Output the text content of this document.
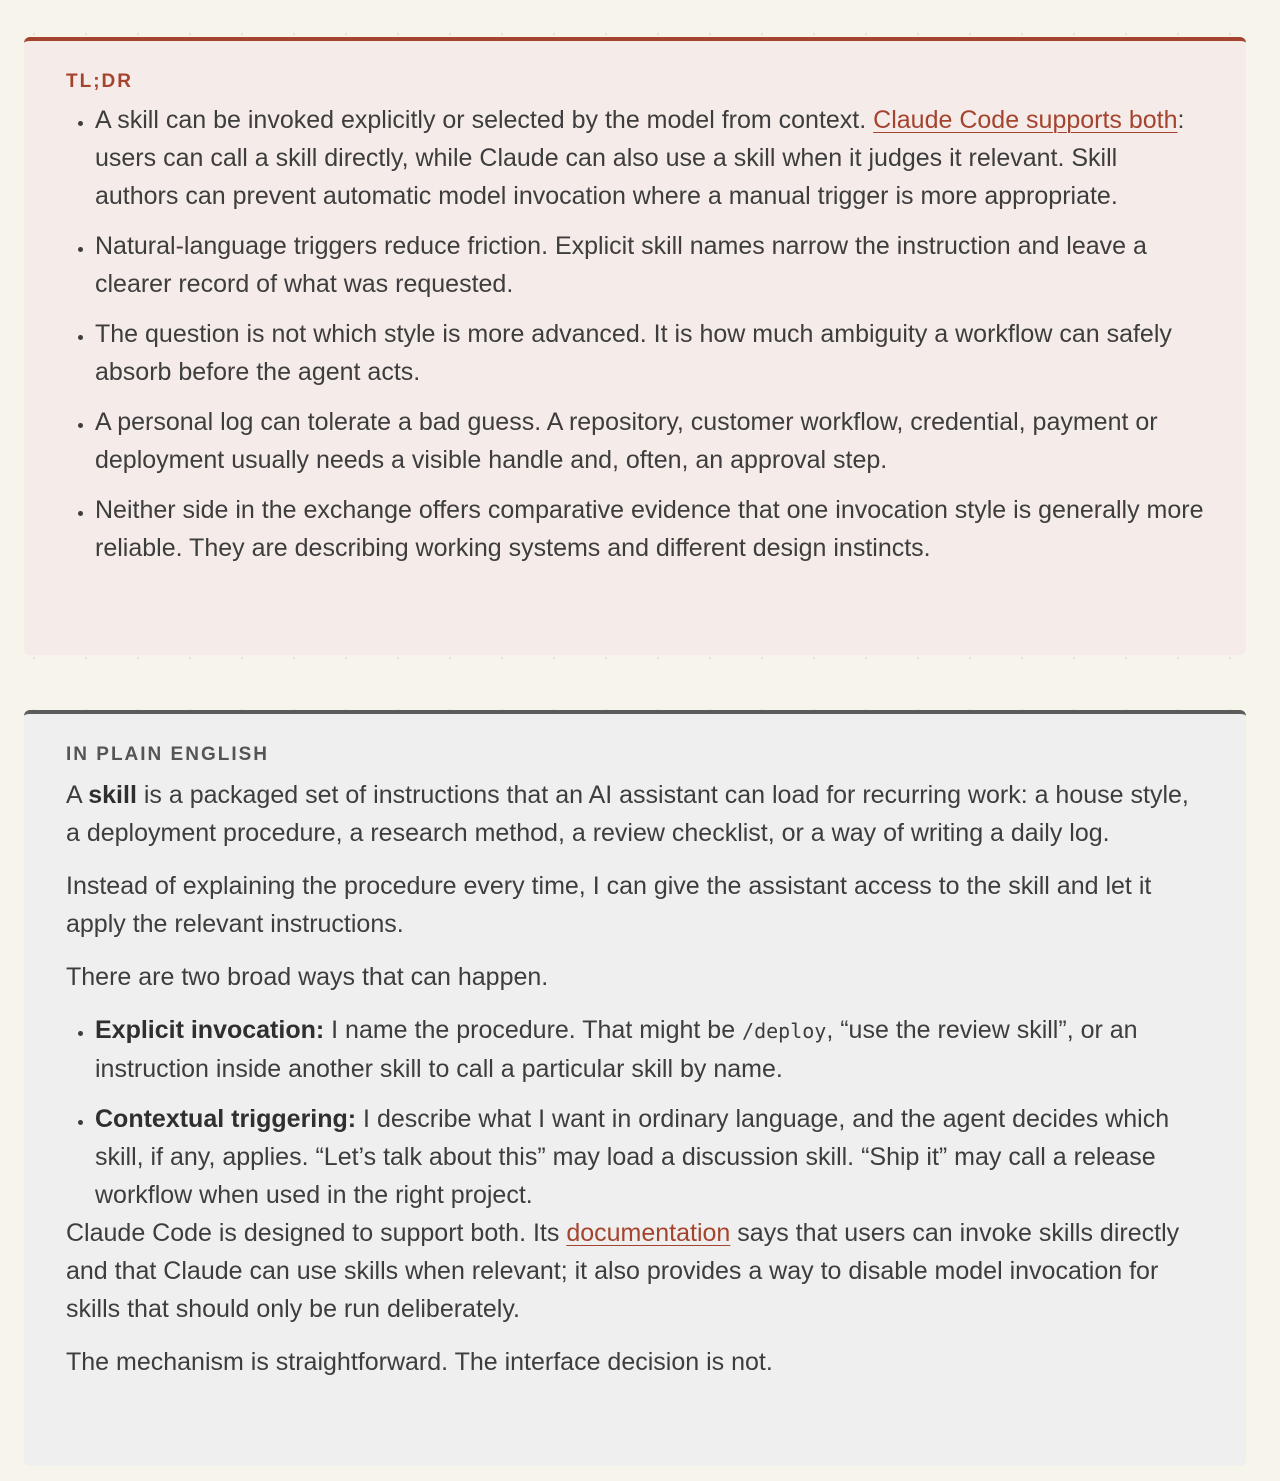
TL;DR
• A skill can be invoked explicitly or selected by the model from context. Claude Code supports both: users can call a skill directly, while Claude can also use a skill when it judges it relevant. Skill authors can prevent automatic model invocation where a manual trigger is more appropriate.
• Natural-language triggers reduce friction. Explicit skill names narrow the instruction and leave a clearer record of what was requested.
• The question is not which style is more advanced. It is how much ambiguity a workflow can safely absorb before the agent acts.
• A personal log can tolerate a bad guess. A repository, customer workflow, credential, payment or deployment usually needs a visible handle and, often, an approval step.
• Neither side in the exchange offers comparative evidence that one invocation style is generally more reliable. They are describing working systems and different design instincts.
IN PLAIN ENGLISH

A skill is a packaged set of instructions that an AI assistant can load for recurring work: a house style, a deployment procedure, a research method, a review checklist, or a way of writing a daily log.

Instead of explaining the procedure every time, I can give the assistant access to the skill and let it apply the relevant instructions.

There are two broad ways that can happen.

• Explicit invocation: I name the procedure. That might be /deploy, “use the review skill”, or an instruction inside another skill to call a particular skill by name.
• Contextual triggering: I describe what I want in ordinary language, and the agent decides which skill, if any, applies. “Let’s talk about this” may load a discussion skill. “Ship it” may call a release workflow when used in the right project.

Claude Code is designed to support both. Its documentation says that users can invoke skills directly and that Claude can use skills when relevant; it also provides a way to disable model invocation for skills that should only be run deliberately.

The mechanism is straightforward. The interface decision is not.
